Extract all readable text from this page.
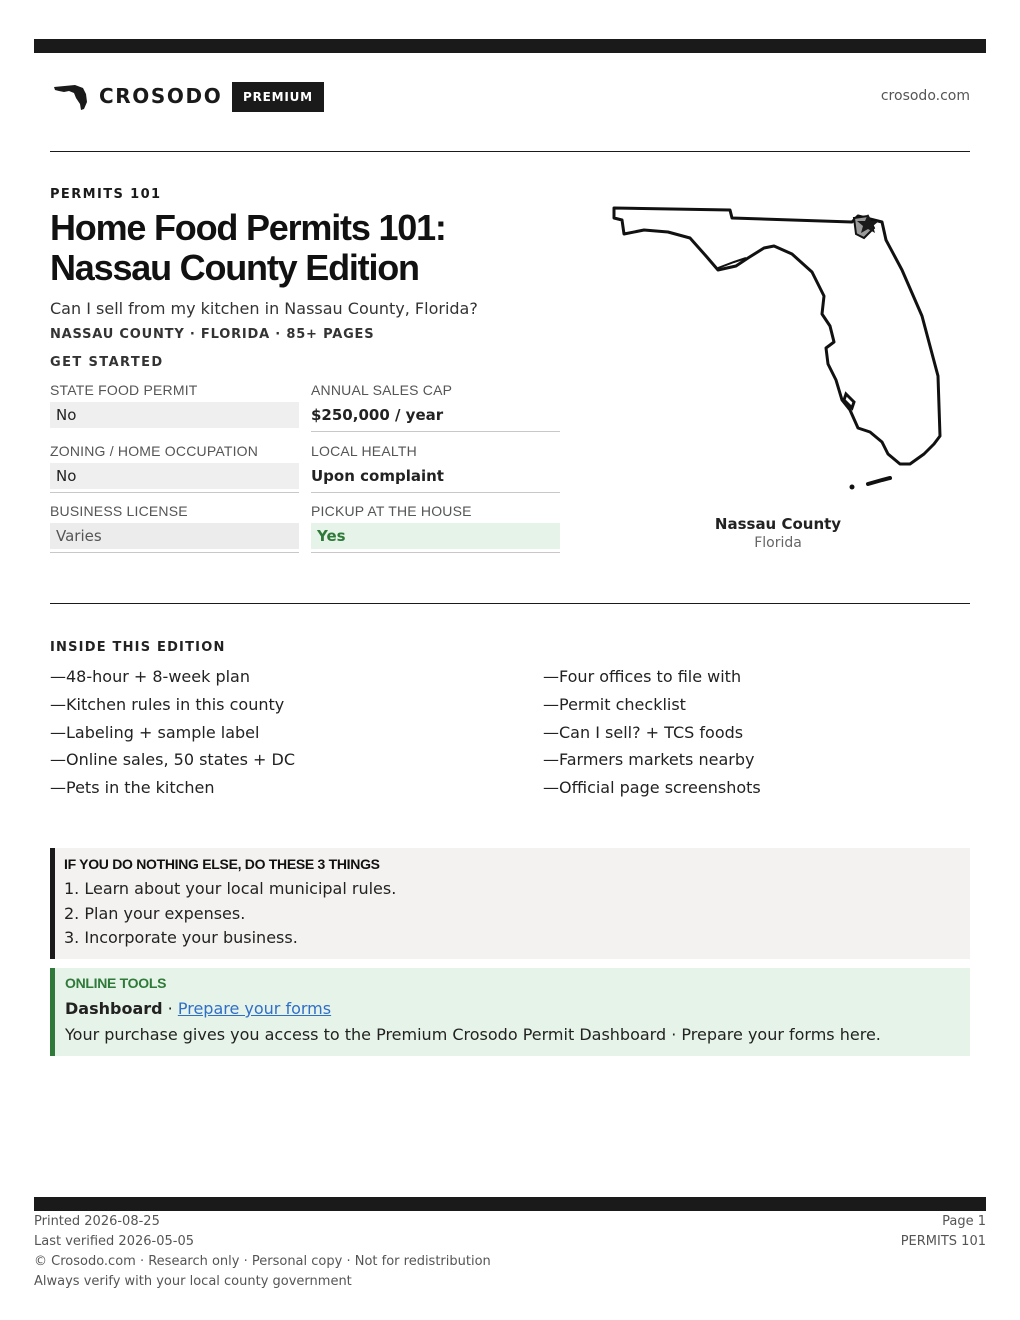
CROSODO	PREMIUM	crosodo.com
PERMITS 101
Home Food Permits 101: Nassau County Edition
Can I sell from my kitchen in Nassau County, Florida?
NASSAU COUNTY · FLORIDA · 85+ PAGES
GET STARTED
STATE FOOD PERMIT
No
ANNUAL SALES CAP
$250,000 / year
ZONING / HOME OCCUPATION
No
LOCAL HEALTH
Upon complaint
BUSINESS LICENSE
Varies
PICKUP AT THE HOUSE
Yes
Nassau County
Florida
INSIDE THIS EDITION
—48-hour + 8-week plan
—Kitchen rules in this county
—Labeling + sample label
—Online sales, 50 states + DC
—Pets in the kitchen
—Four offices to file with
—Permit checklist
—Can I sell? + TCS foods
—Farmers markets nearby
—Official page screenshots
IF YOU DO NOTHING ELSE, DO THESE 3 THINGS
1. Learn about your local municipal rules.
2. Plan your expenses.
3. Incorporate your business.
ONLINE TOOLS
Dashboard · Prepare your forms
Your purchase gives you access to the Premium Crosodo Permit Dashboard · Prepare your forms here.
Printed 2026-08-25
Last verified 2026-05-05
© Crosodo.com · Research only · Personal copy · Not for redistribution
Always verify with your local county government
Page 1
PERMITS 101
